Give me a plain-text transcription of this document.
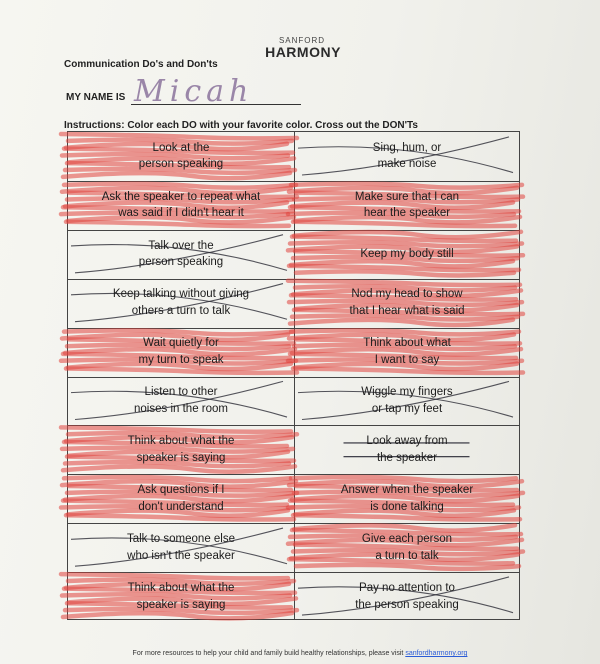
SANFORD
HARMONY
Communication Do's and Don'ts
MY NAME IS Micah
Instructions: Color each DO with your favorite color. Cross out the DON'Ts
Look at the
person speaking
Sing, hum, or
make noise
Ask the speaker to repeat what
was said if I didn't hear it
Make sure that I can
hear the speaker
Talk over the
person speaking
Keep my body still
Keep talking without giving
others a turn to talk
Nod my head to show
that I hear what is said
Wait quietly for
my turn to speak
Think about what
I want to say
Listen to other
noises in the room
Wiggle my fingers
or tap my feet
Think about what the
speaker is saying
Look away from
the speaker
Ask questions if I
don't understand
Answer when the speaker
is done talking
Talk to someone else
who isn't the speaker
Give each person
a turn to talk
Think about what the
speaker is saying
Pay no attention to
the person speaking
For more resources to help your child and family build healthy relationships, please visit sanfordharmony.org
